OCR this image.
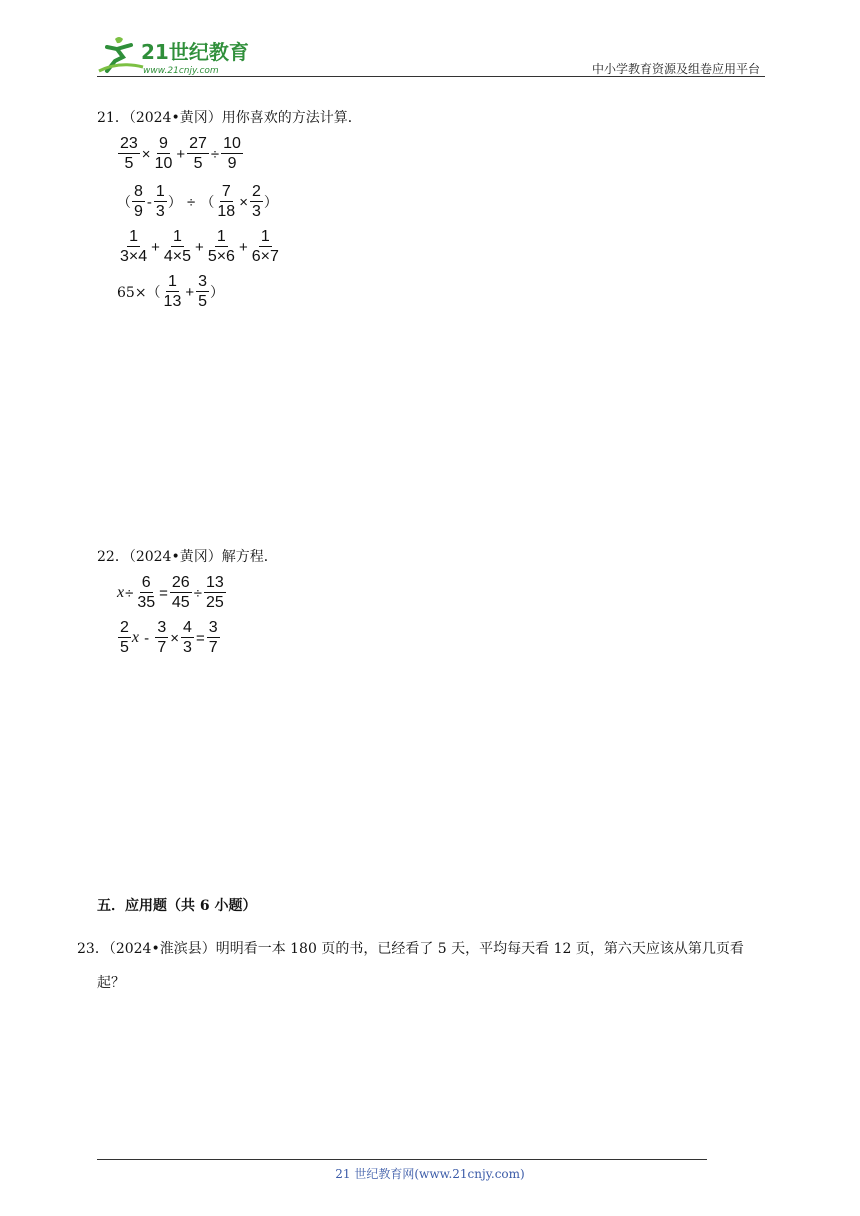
21世纪教育
www.21cnjy.com	中小学教育资源及组卷应用平台
21．（2024•黄冈）用你喜欢的方法计算．
$\frac{23}{5} \times \frac{9}{10} + \frac{27}{5} \div \frac{10}{9}$
（ $\frac{8}{9} - \frac{1}{3}$ ） ÷ （ $\frac{7}{18} \times \frac{2}{3}$ ）
$\frac{1}{3\times 4} + \frac{1}{4\times 5} + \frac{1}{5\times 6} + \frac{1}{6\times 7}$
$65\times( \frac{1}{13} + \frac{3}{5}$ ）
22．（2024•黄冈）解方程．
$x \div \frac{6}{35} = \frac{26}{45} \div \frac{13}{25}$
$\frac{2}{5}$ $x - \frac{3}{7} \times \frac{4}{3} = \frac{3}{7}$
五．应用题（共 6 小题）
23．（2024•淮滨县）明明看一本 180 页的书，已经看了 5 天，平均每天看 12 页，第六天应该从第几页看起？
21 世纪教育网(www.21cnjy.com)
